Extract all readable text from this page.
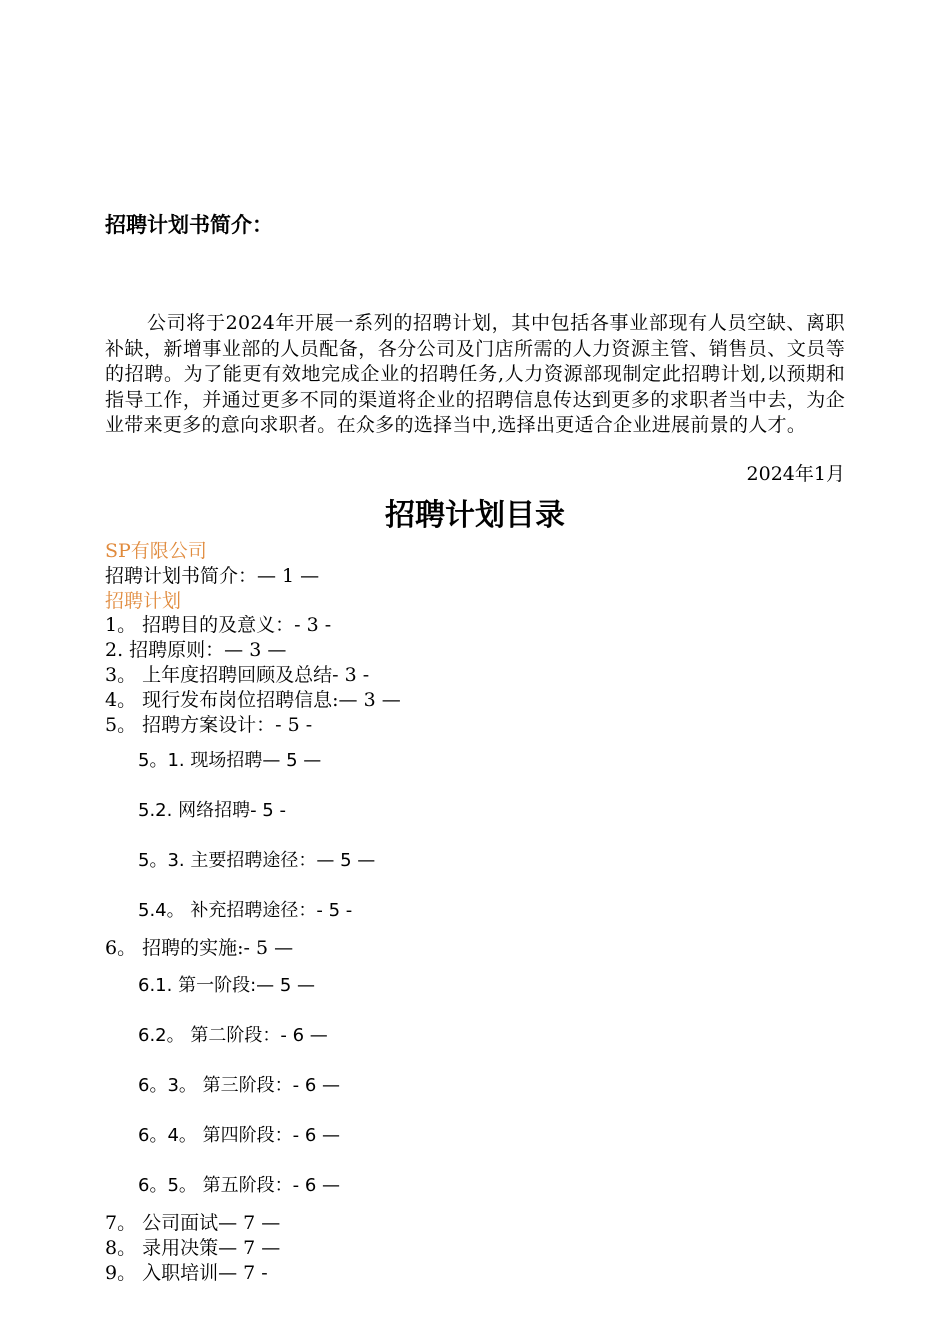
招聘计划书简介：
公司将于2024年开展一系列的招聘计划，其中包括各事业部现有人员空缺、离职补缺，新增事业部的人员配备，各分公司及门店所需的人力资源主管、销售员、文员等的招聘。为了能更有效地完成企业的招聘任务,人力资源部现制定此招聘计划,以预期和指导工作，并通过更多不同的渠道将企业的招聘信息传达到更多的求职者当中去，为企业带来更多的意向求职者。在众多的选择当中,选择出更适合企业进展前景的人才。
2024年1月
招聘计划目录
SP有限公司
招聘计划书简介：— 1 —
招聘计划
1。 招聘目的及意义：- 3 -
2. 招聘原则：— 3 —
3。 上年度招聘回顾及总结- 3 -
4。 现行发布岗位招聘信息:— 3 —
5。 招聘方案设计：- 5 -
5。1. 现场招聘— 5 —
5.2. 网络招聘- 5 -
5。3. 主要招聘途径：— 5 —
5.4。 补充招聘途径：- 5 -
6。 招聘的实施:- 5 —
6.1. 第一阶段:— 5 —
6.2。 第二阶段：- 6 —
6。3。 第三阶段：- 6 —
6。4。 第四阶段：- 6 —
6。5。 第五阶段：- 6 —
7。 公司面试— 7 —
8。 录用决策— 7 —
9。 入职培训— 7 -
